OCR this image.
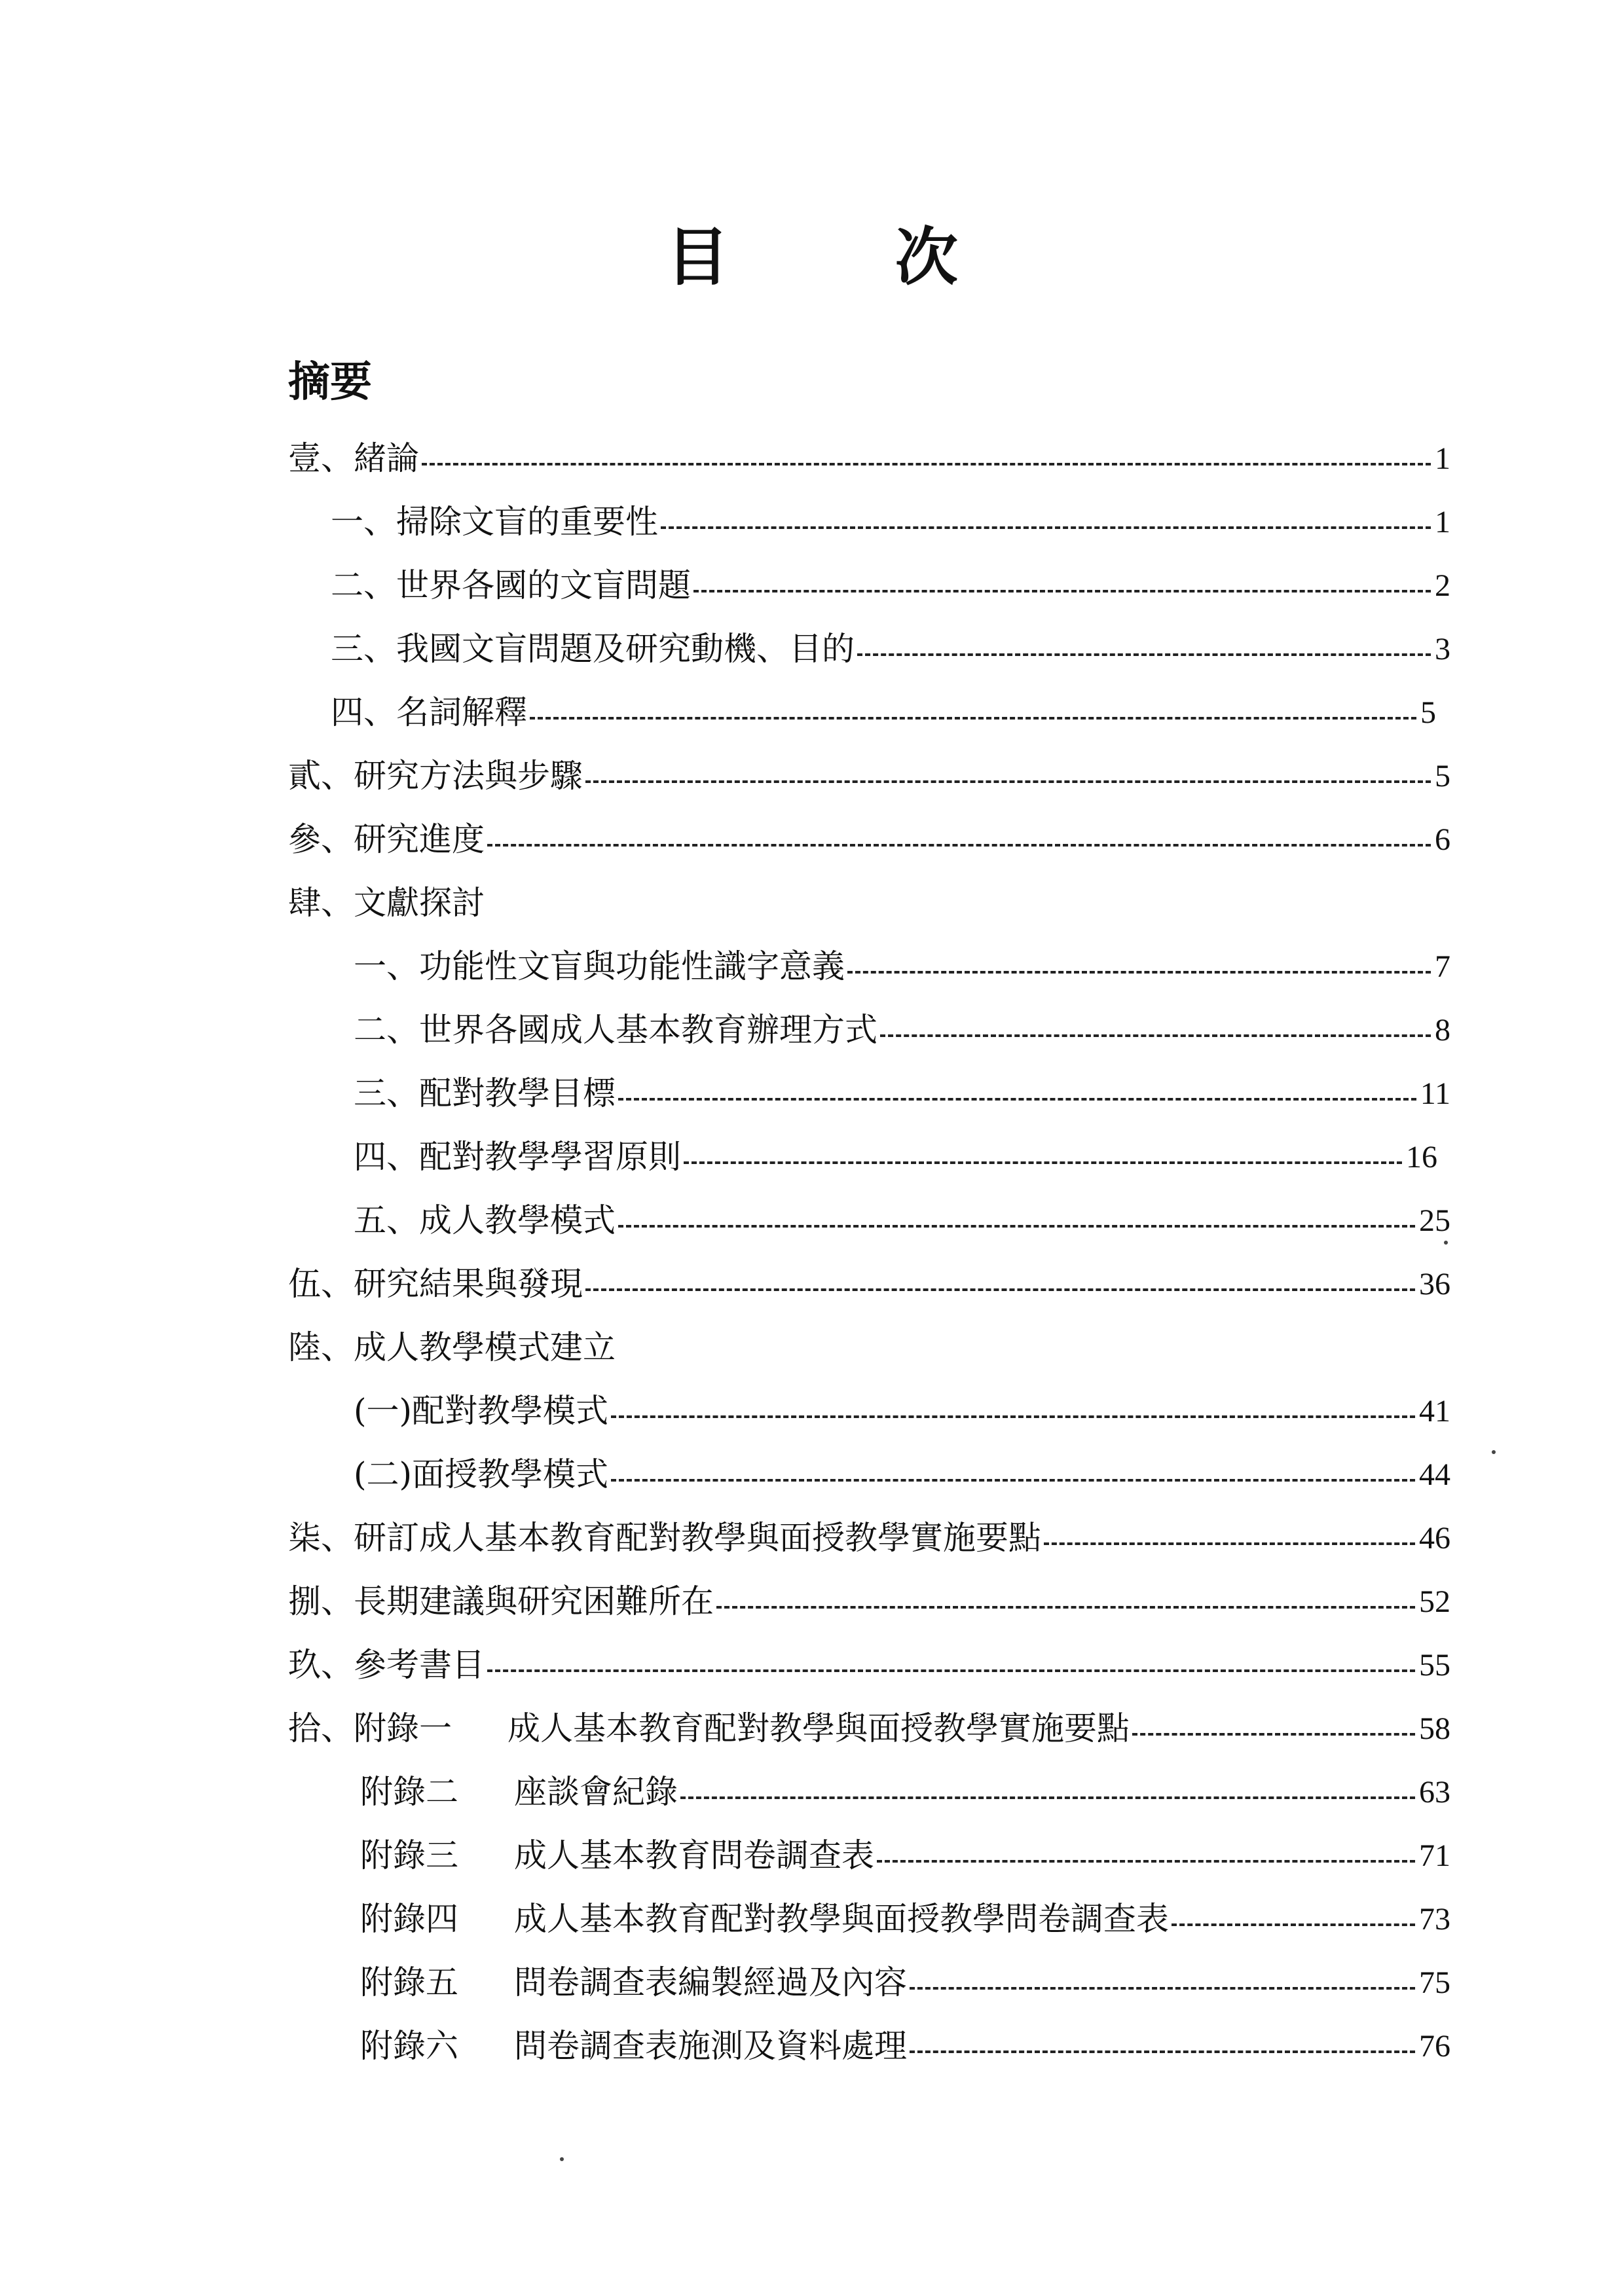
目 次
摘要
壹、緒論	1
一、掃除文盲的重要性	1
二、世界各國的文盲問題	2
三、我國文盲問題及研究動機、目的	3
四、名詞解釋	5
貳、研究方法與步驟	5
參、研究進度	6
肆、文獻探討
一、功能性文盲與功能性識字意義	7
二、世界各國成人基本教育辦理方式	8
三、配對教學目標	11
四、配對教學學習原則	16
五、成人教學模式	25
伍、研究結果與發現	36
陸、成人教學模式建立
(一)配對教學模式	41
(二)面授教學模式	44
柒、研訂成人基本教育配對教學與面授教學實施要點	46
捌、長期建議與研究困難所在	52
玖、參考書目	55
拾、附錄一 成人基本教育配對教學與面授教學實施要點	58
附錄二 座談會紀錄	63
附錄三 成人基本教育問卷調查表	71
附錄四 成人基本教育配對教學與面授教學問卷調查表	73
附錄五 問卷調查表編製經過及內容	75
附錄六 問卷調查表施測及資料處理	76
